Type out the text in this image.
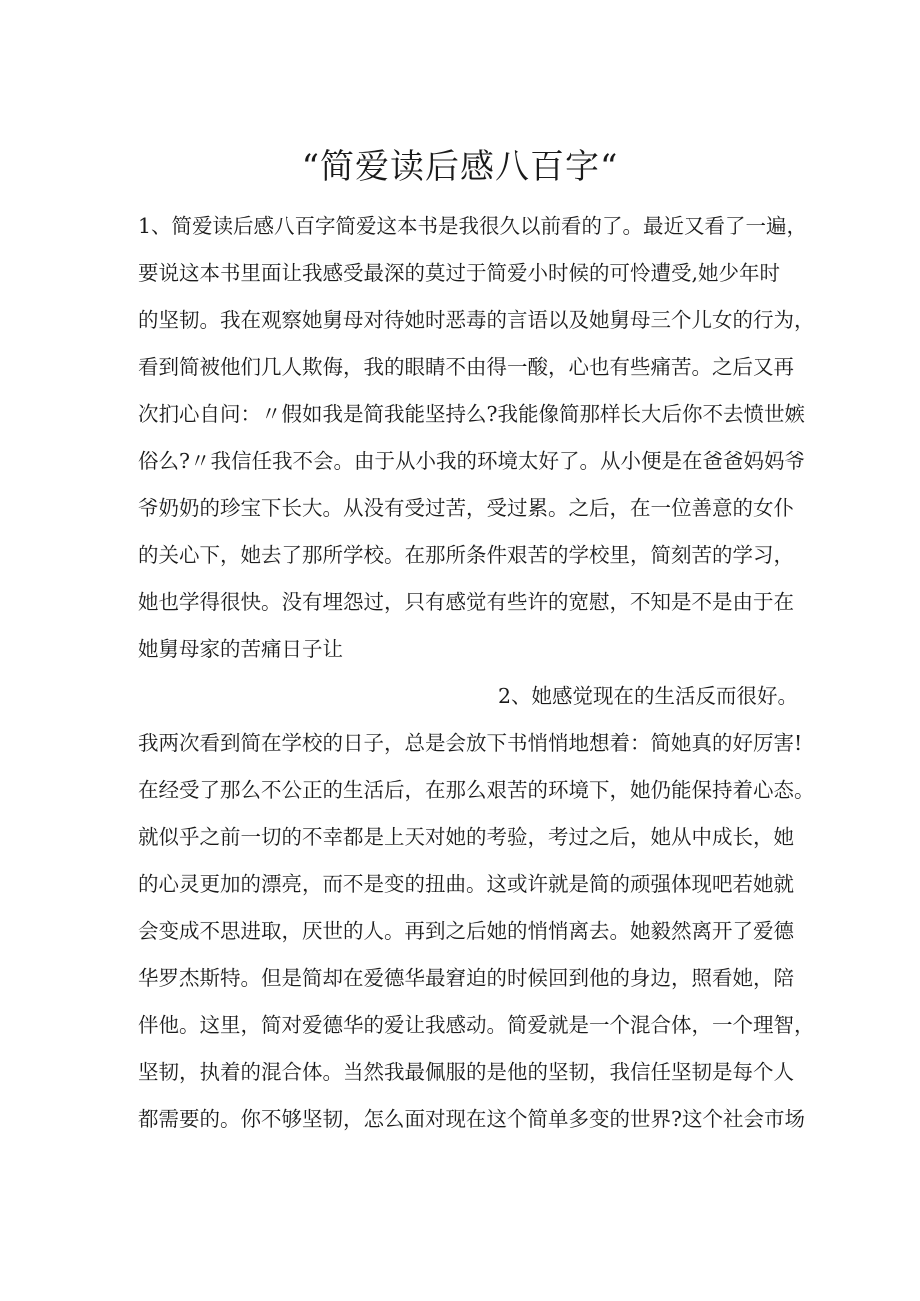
“简爱读后感八百字“
1、简爱读后感八百字简爱这本书是我很久以前看的了。最近又看了一遍，
要说这本书里面让我感受最深的莫过于简爱小时候的可怜遭受,她少年时
的坚韧。我在观察她舅母对待她时恶毒的言语以及她舅母三个儿女的行为，
看到简被他们几人欺侮，我的眼睛不由得一酸，心也有些痛苦。之后又再
次扪心自问：〃假如我是简我能坚持么?我能像简那样长大后你不去愤世嫉
俗么?〃我信任我不会。由于从小我的环境太好了。从小便是在爸爸妈妈爷
爷奶奶的珍宝下长大。从没有受过苦，受过累。之后，在一位善意的女仆
的关心下，她去了那所学校。在那所条件艰苦的学校里，简刻苦的学习，
她也学得很快。没有埋怨过，只有感觉有些许的宽慰，不知是不是由于在
她舅母家的苦痛日子让
2、她感觉现在的生活反而很好。
我两次看到简在学校的日子，总是会放下书悄悄地想着：简她真的好厉害!
在经受了那么不公正的生活后，在那么艰苦的环境下，她仍能保持着心态。
就似乎之前一切的不幸都是上天对她的考验，考过之后，她从中成长，她
的心灵更加的漂亮，而不是变的扭曲。这或许就是简的顽强体现吧若她就
会变成不思进取，厌世的人。再到之后她的悄悄离去。她毅然离开了爱德
华罗杰斯特。但是简却在爱德华最窘迫的时候回到他的身边，照看她，陪
伴他。这里，简对爱德华的爱让我感动。简爱就是一个混合体，一个理智，
坚韧，执着的混合体。当然我最佩服的是他的坚韧，我信任坚韧是每个人
都需要的。你不够坚韧，怎么面对现在这个简单多变的世界?这个社会市场
